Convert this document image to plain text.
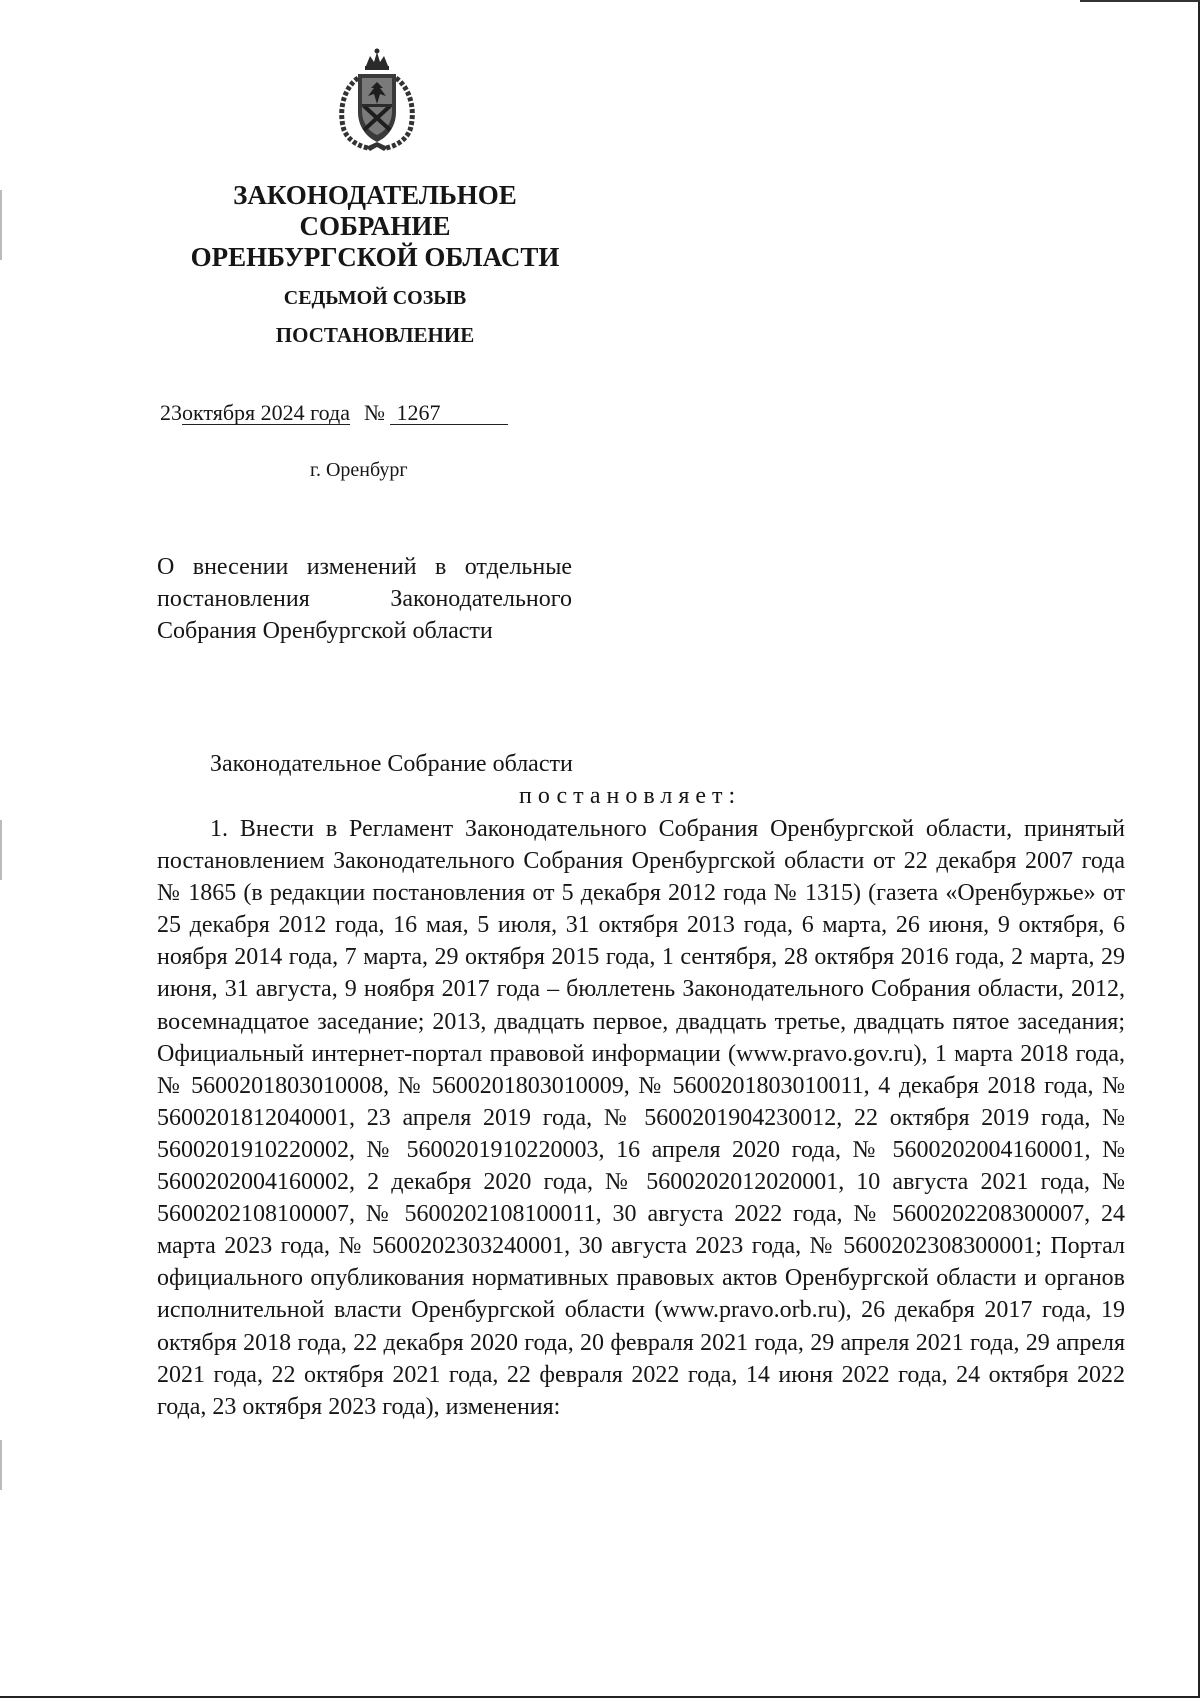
ЗАКОНОДАТЕЛЬНОЕ
СОБРАНИЕ
ОРЕНБУРГСКОЙ ОБЛАСТИ
СЕДЬМОЙ СОЗЫВ
ПОСТАНОВЛЕНИЕ
23октября 2024 года № 1267
г. Оренбург

О внесении изменений в отдельные постановления Законодательного Собрания Оренбургской области

Законодательное Собрание области

постановляет:

1. Внести в Регламент Законодательного Собрания Оренбургской области, принятый постановлением Законодательного Собрания Оренбургской области от 22 декабря 2007 года № 1865 (в редакции постановления от 5 декабря 2012 года № 1315) (газета «Оренбуржье» от 25 декабря 2012 года, 16 мая, 5 июля, 31 октября 2013 года, 6 марта, 26 июня, 9 октября, 6 ноября 2014 года, 7 марта, 29 октября 2015 года, 1 сентября, 28 октября 2016 года, 2 марта, 29 июня, 31 августа, 9 ноября 2017 года – бюллетень Законодательного Собрания области, 2012, восемнадцатое заседание; 2013, двадцать первое, двадцать третье, двадцать пятое заседания; Официальный интернет-портал правовой информации (www.pravo.gov.ru), 1 марта 2018 года, № 5600201803010008, № 5600201803010009, № 5600201803010011, 4 декабря 2018 года, № 5600201812040001, 23 апреля 2019 года, № 5600201904230012, 22 октября 2019 года, № 5600201910220002, № 5600201910220003, 16 апреля 2020 года, № 5600202004160001, № 5600202004160002, 2 декабря 2020 года, № 5600202012020001, 10 августа 2021 года, № 5600202108100007, № 5600202108100011, 30 августа 2022 года, № 5600202208300007, 24 марта 2023 года, № 5600202303240001, 30 августа 2023 года, № 5600202308300001; Портал официального опубликования нормативных правовых актов Оренбургской области и органов исполнительной власти Оренбургской области (www.pravo.orb.ru), 26 декабря 2017 года, 19 октября 2018 года, 22 декабря 2020 года, 20 февраля 2021 года, 29 апреля 2021 года, 29 апреля 2021 года, 22 октября 2021 года, 22 февраля 2022 года, 14 июня 2022 года, 24 октября 2022 года, 23 октября 2023 года), изменения:
